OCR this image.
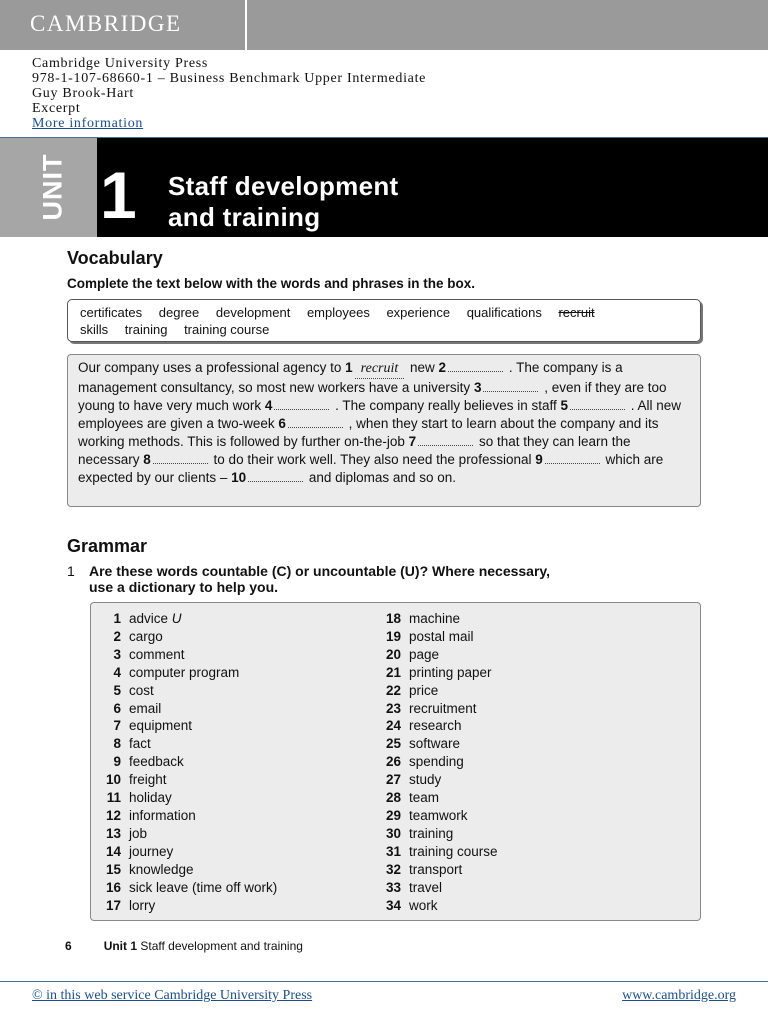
CAMBRIDGE
Cambridge University Press
978-1-107-68660-1 – Business Benchmark Upper Intermediate
Guy Brook-Hart
Excerpt
More information
UNIT 1 Staff development
and training
Vocabulary
Complete the text below with the words and phrases in the box.
certificates degree development employees experience qualifications recruit
skills training training course
Our company uses a professional agency to 1 recruit new 2	. The company is a management consultancy, so most new workers have a university 3	, even if they are too young to have very much work 4	. The company really believes in staff 5	. All new employees are given a two-week 6	, when they start to learn about the company and its working methods. This is followed by further on-the-job 7	so that they can learn the necessary 8	to do their work well. They also need the professional 9	which are expected by our clients – 10	and diplomas and so on.
Grammar
1 Are these words countable (C) or uncountable (U)? Where necessary,
use a dictionary to help you.
1 advice U
2 cargo
3 comment
4 computer program
5 cost
6 email
7 equipment
8 fact
9 feedback
10 freight
11 holiday
12 information
13 job
14 journey
15 knowledge
16 sick leave (time off work)
17 lorry
18 machine
19 postal mail
20 page
21 printing paper
22 price
23 recruitment
24 research
25 software
26 spending
27 study
28 team
29 teamwork
30 training
31 training course
32 transport
33 travel
34 work
6	Unit 1 Staff development and training
© in this web service Cambridge University Press	www.cambridge.org
